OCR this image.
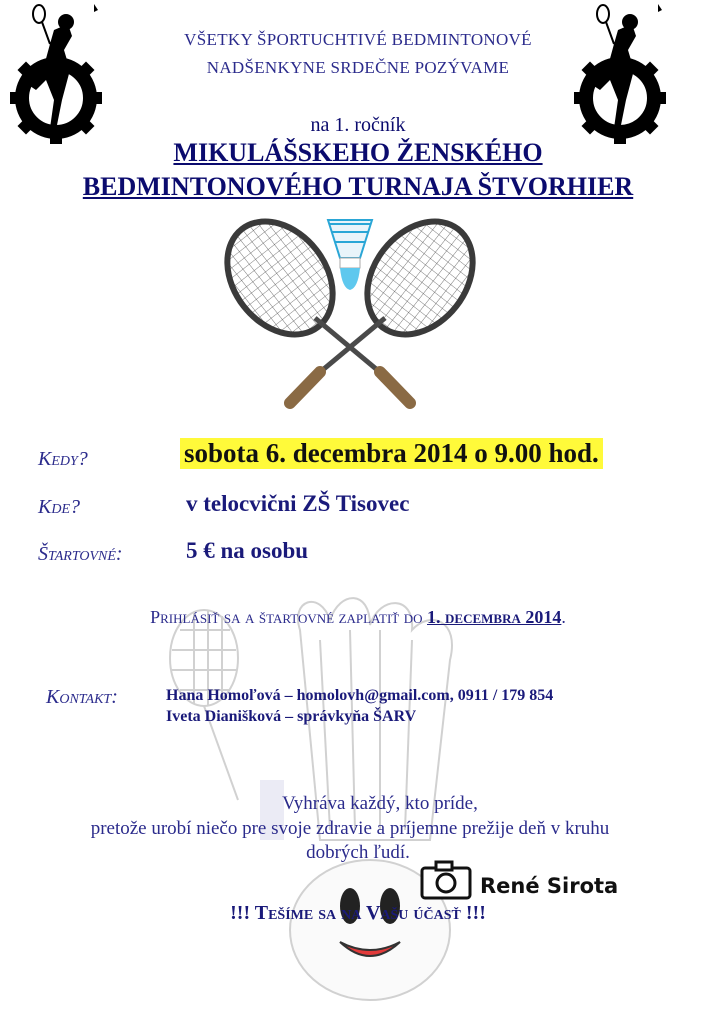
VŠETKY ŠPORTUCHTIVÉ BEDMINTONOVÉ
NADŠENKYNE SRDEČNE POZÝVAME
na 1. ročník
MIKULÁŠSKEHO ŽENSKÉHO
BEDMINTONOVÉHO TURNAJA ŠTVORHIER
Kedy?	sobota 6. decembra 2014 o 9.00 hod.
Kde?	v telocvični ZŠ Tisovec
Štartovné:	5 € na osobu
Prihlásiť sa a štartovné zaplatiť do 1. decembra 2014.
Kontakt:	Hana Homoľová – homolovh@gmail.com, 0911 / 179 854
Iveta Dianišková – správkyňa ŠARV
Vyhráva každý, kto príde,
pretože urobí niečo pre svoje zdravie a príjemne prežije deň v kruhu
dobrých ľudí.
René Sirota
!!! Tešíme sa na Vašu účasť !!!
